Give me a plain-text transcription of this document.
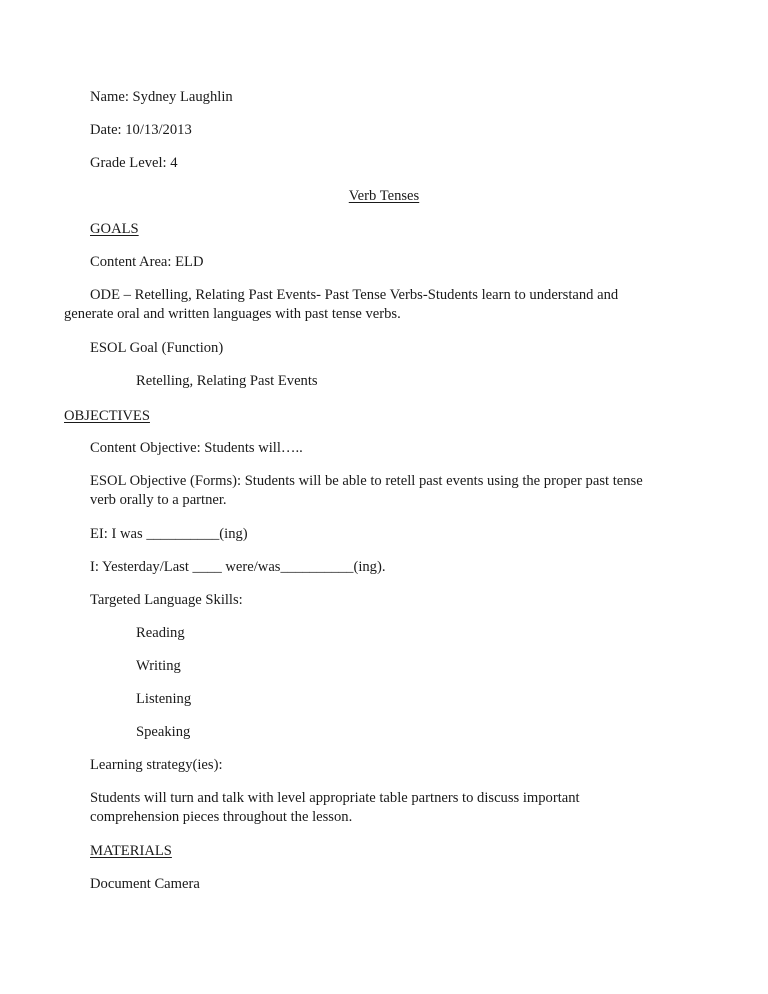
Name: Sydney Laughlin
Date: 10/13/2013
Grade Level: 4
Verb Tenses
GOALS
Content Area: ELD
ODE – Retelling, Relating Past Events- Past Tense Verbs-Students learn to understand and
generate oral and written languages with past tense verbs.
ESOL Goal (Function)
Retelling, Relating Past Events
OBJECTIVES
Content Objective: Students will…..
ESOL Objective (Forms): Students will be able to retell past events using the proper past tense
verb orally to a partner.
EI: I was __________(ing)
I: Yesterday/Last ____ were/was__________(ing).
Targeted Language Skills:
Reading
Writing
Listening
Speaking
Learning strategy(ies):
Students will turn and talk with level appropriate table partners to discuss important
comprehension pieces throughout the lesson.
MATERIALS
Document Camera
